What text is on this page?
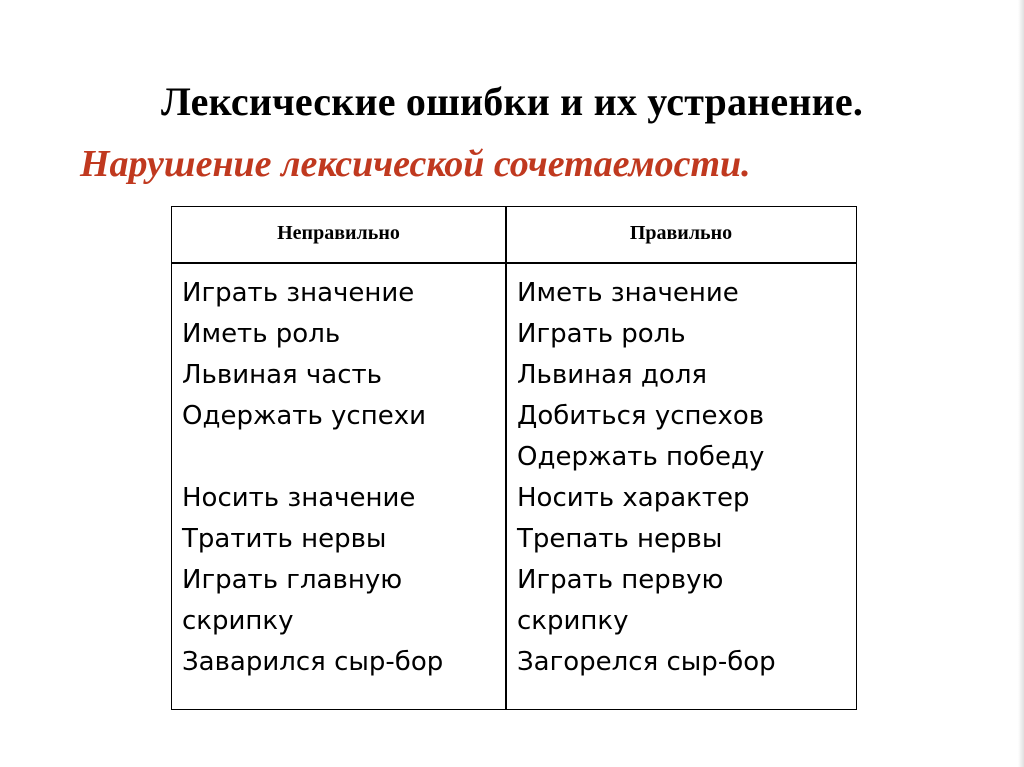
Лексические ошибки и их устранение.
Нарушение лексической сочетаемости.
Неправильно	Правильно
Играть значение
Иметь роль
Львиная часть
Одержать успехи
Носить значение
Тратить нервы
Играть главную
скрипку
Заварился сыр-бор
Иметь значение
Играть роль
Львиная доля
Добиться успехов
Одержать победу
Носить характер
Трепать нервы
Играть первую
скрипку
Загорелся сыр-бор
